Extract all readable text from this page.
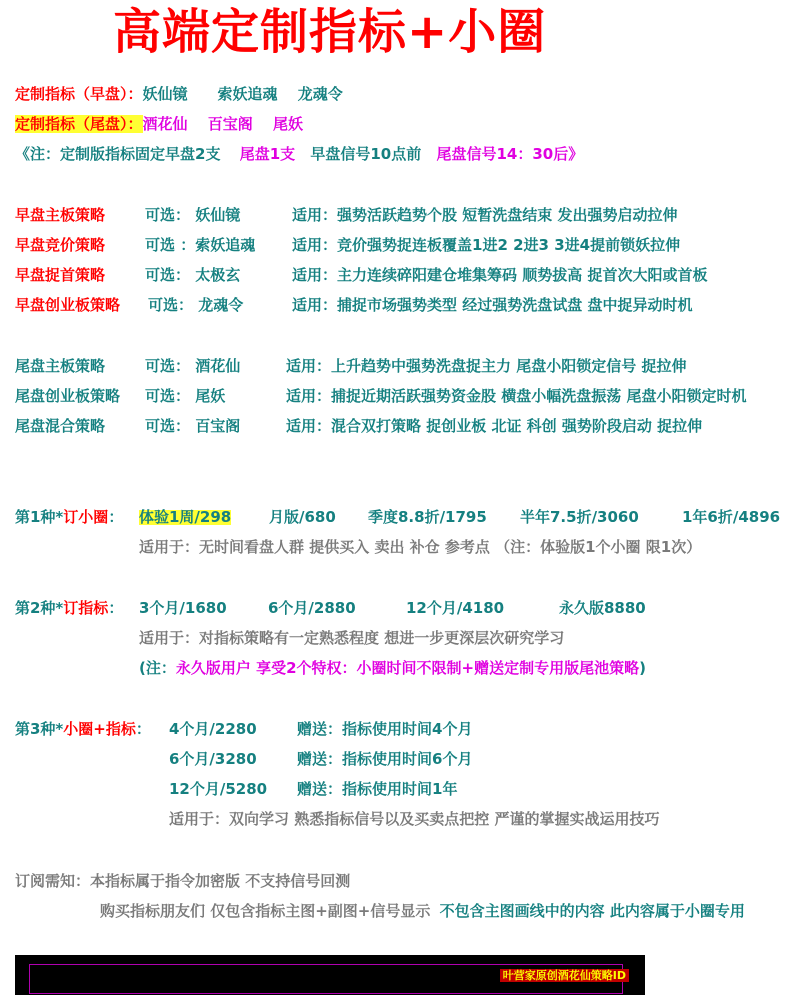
高端定制指标+小圈
定制指标（早盘）：妖仙镜　　索妖追魂　 龙魂令
定制指标（尾盘）：酒花仙　 百宝阁　 尾妖
《注：定制版指标固定早盘2支 尾盘1支 早盘信号10点前 尾盘信号14：30后》
早盘主板策略	可选： 妖仙镜	适用：强势活跃趋势个股 短暂洗盘结束 发出强势启动拉伸
早盘竞价策略	可选 ：索妖追魂 适用：竞价强势捉连板覆盖1进2 2进3 3进4提前锁妖拉伸
早盘捉首策略	可选： 太极玄	适用：主力连续碎阳建仓堆集筹码 顺势拔高 捉首次大阳或首板
早盘创业板策略 可选： 龙魂令	适用：捕捉市场强势类型 经过强势洗盘试盘 盘中捉异动时机
尾盘主板策略	可选： 酒花仙	适用：上升趋势中强势洗盘捉主力 尾盘小阳锁定信号 捉拉伸
尾盘创业板策略 可选： 尾妖	适用：捕捉近期活跃强势资金股 横盘小幅洗盘振荡 尾盘小阳锁定时机
尾盘混合策略	可选： 百宝阁	适用：混合双打策略 捉创业板 北证 科创 强势阶段启动 捉拉伸
第1种*订小圈： 体验1周/298	月版/680 季度8.8折/1795 半年7.5折/3060	1年6折/4896
适用于：无时间看盘人群 提供买入 卖出 补仓 参考点 （注：体验版1个小圈 限1次）
第2种*订指标： 3个月/1680	6个月/2880	12个月/4180	永久版8880
适用于：对指标策略有一定熟悉程度 想进一步更深层次研究学习
(注：永久版用户 享受2个特权：小圈时间不限制+赠送定制专用版尾池策略)
第3种*小圈+指标： 4个月/2280	赠送：指标使用时间4个月
6个月/3280	赠送：指标使用时间6个月
12个月/5280 赠送：指标使用时间1年
适用于：双向学习 熟悉指标信号以及买卖点把控 严谨的掌握实战运用技巧
订阅需知：本指标属于指令加密版 不支持信号回测
购买指标朋友们 仅包含指标主图+副图+信号显示 不包含主图画线中的内容 此内容属于小圈专用
叶营家原创酒花仙策略ID
